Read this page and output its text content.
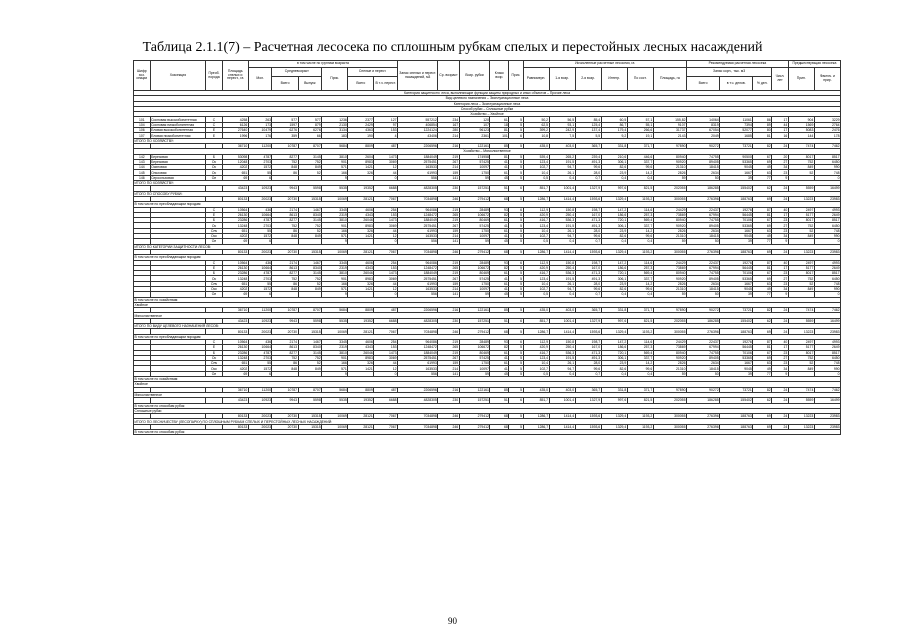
Таблица 2.1.1(7) – Расчетная лесосека по сплошным рубкам спелых и перестойных лесных насаждений
Шифр хоз. секции	Хозсекция	Преоб. порода	Площадь спелых и перест., га	в том числе по группам возраста						Запас спелых и перест. насаждений, м3	Ср. возраст	Возр. рубки	Класс возр.	Прис.	Исчисленные расчетные лесосеки, га						Рекомендуемая расчетная лесосека				Предшествующая лесосека	
				Мол.	Средневозраст		Прис.	Спелые и перест.							Равномерн.	1-я возр.	2-я возр.	Интегр.	По сост.	Площадь, га	Запас корн., тыс. м3			Числ. лет	Прин.	Фактич. и прир.
					Всего	Выпуск		Всего	В т.ч. перест.												Всего	в т.ч. делов.	% дел.			
Категория защитности: леса, выполняющие функции защиты природных и иных объектов – Прочие леса																										
Вид целевого назначения – Эксплуатационные леса																										
Категория леса – Эксплуатационные леса																										
Способ рубки – Сплошные рубки																										
Хозяйство – Хвойное																										
101	Сосновая высокобонитетная	С	4258	263	577	577	1236	2377	127	557212	234	120	61	5	50,2	56,5	85,4	60,5	57,1	155,82	14064	11061	86	17	904	3229
104	Сосновая низкобонитетная	С	6126	173	1597	879	2130	2429	97	406854	167	107	18	5	62,5	93,1	125,4	86,7	55,1	9107	8319	7394	89	44	1569	2764
106	Еловая высокобонитетная	Е	27640	10479	6276	6276	3134	4363	153	1224124	280	96123	81	5	399,2	242,9	137,4	179,4	266,6	31737	67054	52077	80	17	5083	2476
107	Еловая низкобонитетная	Е	1996	176	359	66	183	190	4	43406	214	2361	101	6	10,8	7,5	5,5	9,2	19,1	2143	2049	1685	81	16	144	178
ИТОГО ПО ХОЗЯЙСТВУ:																										
			36710	11200	10787	8707	5684	8809	487	2206596	216	122161	85	5	435,0	403,0	365,7	331,8	371,7	97890	90272	73721	82	24	7474	7462
Хозяйство – Мягколиственное																										
142	Березовая	Б	53098	4787	8277	3145	3810	2604	1473	1884049	219	174958	81	5	539,4	265,2	239,4	210,6	446,6	80940	74755	90500	67	20	8017	8517
143	Березовая	Ос	12048	2703	752	752	901	8983	3069	2575451	267	57425	41	5	123,4	191,5	491,3	306,1	337,7	90920	89405	53365	69	27	752	6450
144	Осиновая	Ос	4202	1572	848	849	571	1421	12	163533	214	10097	41	5	102,7	94,7	99,6	82,6	99,6	21310	18415	9045	49	34	849	990
145	Ольховая	Ос	651	55	86	52	166	326	44	61993	159	1750	61	5	10,4	26,1	28,0	23,9	14,2	2826	2634	1667	63	23	52	748
146	Сероольховая	Ол	69	6			9		0	556	141	59	45	5	0,5	0,4	0,7	0,4	0,4	59	50	39	77	9		0
ИТОГО ПО ХОЗЯЙСТВУ:																										
			43423	10923	9943	5598	5535	19352	6688	4828305	230	157251	51	6	851,7	1001,4	1327,9	997,6	821,5	202055	186285	155402	62	24	5559	16499
ИТОГО ПО СПОСОБУ РУБКИ:																										
			80133	20023	20730	15315	10069	28121	7067	7034898	246	279412	68	5	1286,7	1414,4	1593,6	1329,4	1193,2	300055	276396	188763	69	24	13223	23983
В том числе по преобладающим породам:																										
		С	10564	436	2174	1467	3345	4606	254	964086	219	28489	93	6	112,9	150,8	198,7	147,2	114,6	24429	22437	19276	87	40	2497	4993
		Е	26130	10664	8613	8340	2319	4343	153	1248472	265	106672	82	5	420,9	250,4	167,0	186,6	257,3	73869	67994	56445	81	17	5177	2649
		Б	23286	4787	8277	3145	3810	26046	1473	1884049	219	80469	61	5	416,7	536,3	471,3	720,1	569,4	80940	74755	70106	67	23	8017	8517
		Ос	13248	2703	752	752	901	8983	3069	2575451	267	57425	41	5	123,4	191,5	491,3	306,1	337,7	90920	89405	53365	69	27	752	6450
		Олч	651	55	86	52	166	326	44	61993	159	1750	61	5	10,4	26,1	28,0	23,9	14,2	2826	2634	1667	63	23	52	748
		Осс	4202	1572	848	849	571	1421	12	163533	214	10097	41	5	102,7	94,7	99,6	82,6	99,6	21310	18415	9045	49	34	849	990
		Ол	69	6			9		0	556	141	59	45	5	0,5	0,4	0,7	0,4	0,4	59	50	39	77	9		0
ИТОГО ПО КАТЕГОРИИ ЗАЩИТНОСТИ ЛЕСОВ:																										
			80133	20023	20730	15315	10069	28121	7067	7034898	246	279412	68	5	1286,7	1414,4	1593,6	1329,4	1193,2	300055	276396	188763	69	24	13223	23983
В том числе по преобладающим породам:																										
		С	10564	436	2174	1467	3345	4606	254	964086	219	28489	93	6	112,9	150,8	198,7	147,2	114,6	24429	22437	19276	87	40	2497	4993
		Е	26130	10664	8613	8340	2319	4343	153	1248472	265	106672	82	5	420,9	250,4	167,0	186,6	257,3	73869	67994	56445	81	17	5177	2649
		Б	23286	4787	8277	3145	3810	26046	1473	1884049	219	80469	61	5	416,7	536,3	471,3	720,1	569,4	80940	74755	70106	67	23	8017	8517
		Ос	13248	2703	752	752	901	8983	3069	2575451	267	57425	41	5	123,4	191,5	491,3	306,1	337,7	90920	89405	53365	69	27	752	6450
		Олч	651	55	86	52	166	326	44	61993	159	1750	61	5	10,4	26,1	28,0	23,9	14,2	2826	2634	1667	63	23	52	748
		Осс	4202	1572	848	849	571	1421	12	163533	214	10097	41	5	102,7	94,7	99,6	82,6	99,6	21310	18415	9045	49	34	849	990
		Ол	69	6			9		0	556	141	59	45	5	0,5	0,4	0,7	0,4	0,4	59	50	39	77	9		0
В том числе по хозяйствам:																										
Хвойное																										
			36710	11200	10787	8707	5684	8809	487	2206596	216	122161	85	5	435,0	403,0	365,7	331,8	371,7	97890	90272	73721	82	24	7474	7462
Мягколиственное																										
			43423	10923	9943	5598	5535	19352	6688	4828305	230	157251	51	6	851,7	1001,4	1327,9	997,6	821,5	202055	186285	155402	62	24	5559	16499
ИТОГО ПО ВИДУ ЦЕЛЕВОГО НАЗНАЧЕНИЯ ЛЕСОВ:																										
			80133	20023	20730	15315	10069	28121	7067	7034898	246	279412	68	5	1286,7	1414,4	1593,6	1329,4	1193,2	300055	276396	188763	69	24	13223	23983
В том числе по преобладающим породам:																										
		С	10564	436	2174	1467	3345	4606	254	964086	219	28489	93	6	112,9	150,8	198,7	147,2	114,6	24429	22437	19276	87	40	2497	4993
		Е	26130	10664	8613	8340	2319	4343	153	1248472	265	106672	82	5	420,9	250,4	167,0	186,6	257,3	73869	67994	56445	81	17	5177	2649
		Б	23286	4787	8277	3145	3810	26046	1473	1884049	219	80469	61	5	416,7	536,3	471,3	720,1	569,4	80940	74755	70106	67	23	8017	8517
		Ос	13248	2703	752	752	901	8983	3069	2575451	267	57425	41	5	123,4	191,5	491,3	306,1	337,7	90920	89405	53365	69	27	752	6450
		Олч	651	55	86	52	166	326	44	61993	159	1750	61	5	10,4	26,1	28,0	23,9	14,2	2826	2634	1667	63	23	52	748
		Осс	4202	1572	848	849	571	1421	12	163533	214	10097	41	5	102,7	94,7	99,6	82,6	99,6	21310	18415	9045	49	34	849	990
		Ол	69	6			9		0	556	141	59	45	5	0,5	0,4	0,7	0,4	0,4	59	50	39	77	9		0
В том числе по хозяйствам:																										
Хвойное																										
			36710	11200	10787	8707	5684	8809	487	2206596	216	122161	85	5	435,0	403,0	365,7	331,8	371,7	97890	90272	73721	82	24	7474	7462
Мягколиственное																										
			43423	10923	9943	5598	5535	19352	6688	4828305	230	157251	51	6	851,7	1001,4	1327,9	997,6	821,5	202055	186285	155402	62	24	5559	16499
В том числе по способам рубок:																										
Сплошные рубки																										
			80133	20023	20730	15315	10069	28121	7067	7034898	246	279412	68	5	1286,7	1414,4	1593,6	1329,4	1193,2	300055	276396	188763	69	24	13223	23983
ИТОГО ПО ЛЕСНИЧЕСТВУ (ЛЕСОПАРКУ) ПО СПЛОШНЫМ РУБКАМ СПЕЛЫХ И ПЕРЕСТОЙНЫХ ЛЕСНЫХ НАСАЖДЕНИЙ:																										
			80133	20023	20730	15315	10069	28121	7067	7034898	246	279412	68	5	1286,7	1414,4	1593,6	1329,4	1193,2	300055	276396	188763	69	24	13223	23983
В том числе по способам рубок:																										
90
